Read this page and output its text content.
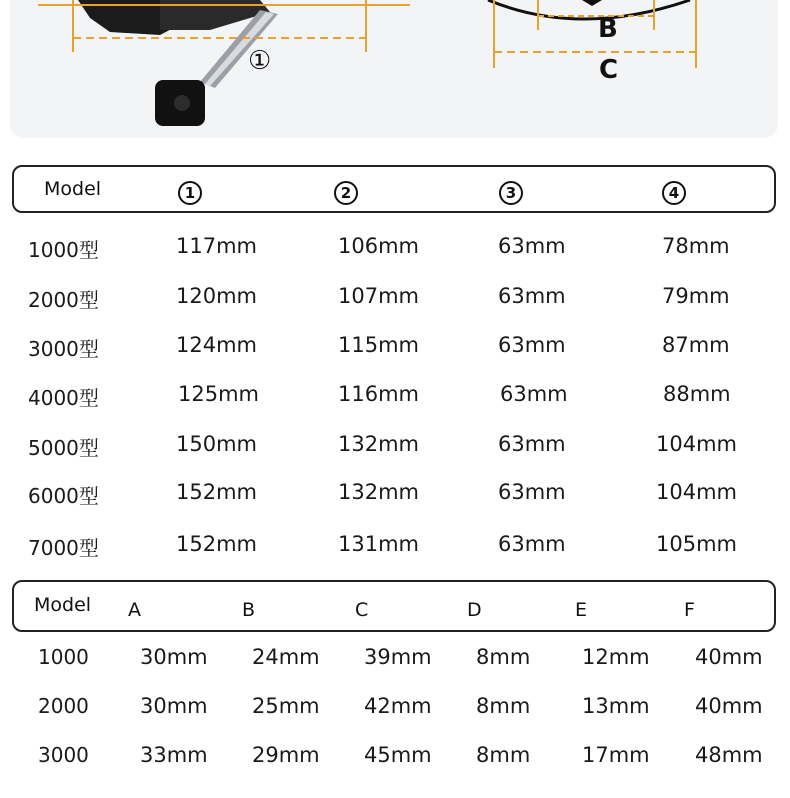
①
B
C
Model	1	2	3	4
1000型	117mm	106mm	63mm	78mm
2000型	120mm	107mm	63mm	79mm
3000型	124mm	115mm	63mm	87mm
4000型	125mm	116mm	63mm	88mm
5000型	150mm	132mm	63mm	104mm
6000型	152mm	132mm	63mm	104mm
7000型	152mm	131mm	63mm	105mm
Model A	B	C	D	E	F
1000 30mm 24mm 39mm 8mm 12mm 40mm
2000 30mm 25mm 42mm 8mm 13mm 40mm
3000 33mm 29mm 45mm 8mm 17mm 48mm
